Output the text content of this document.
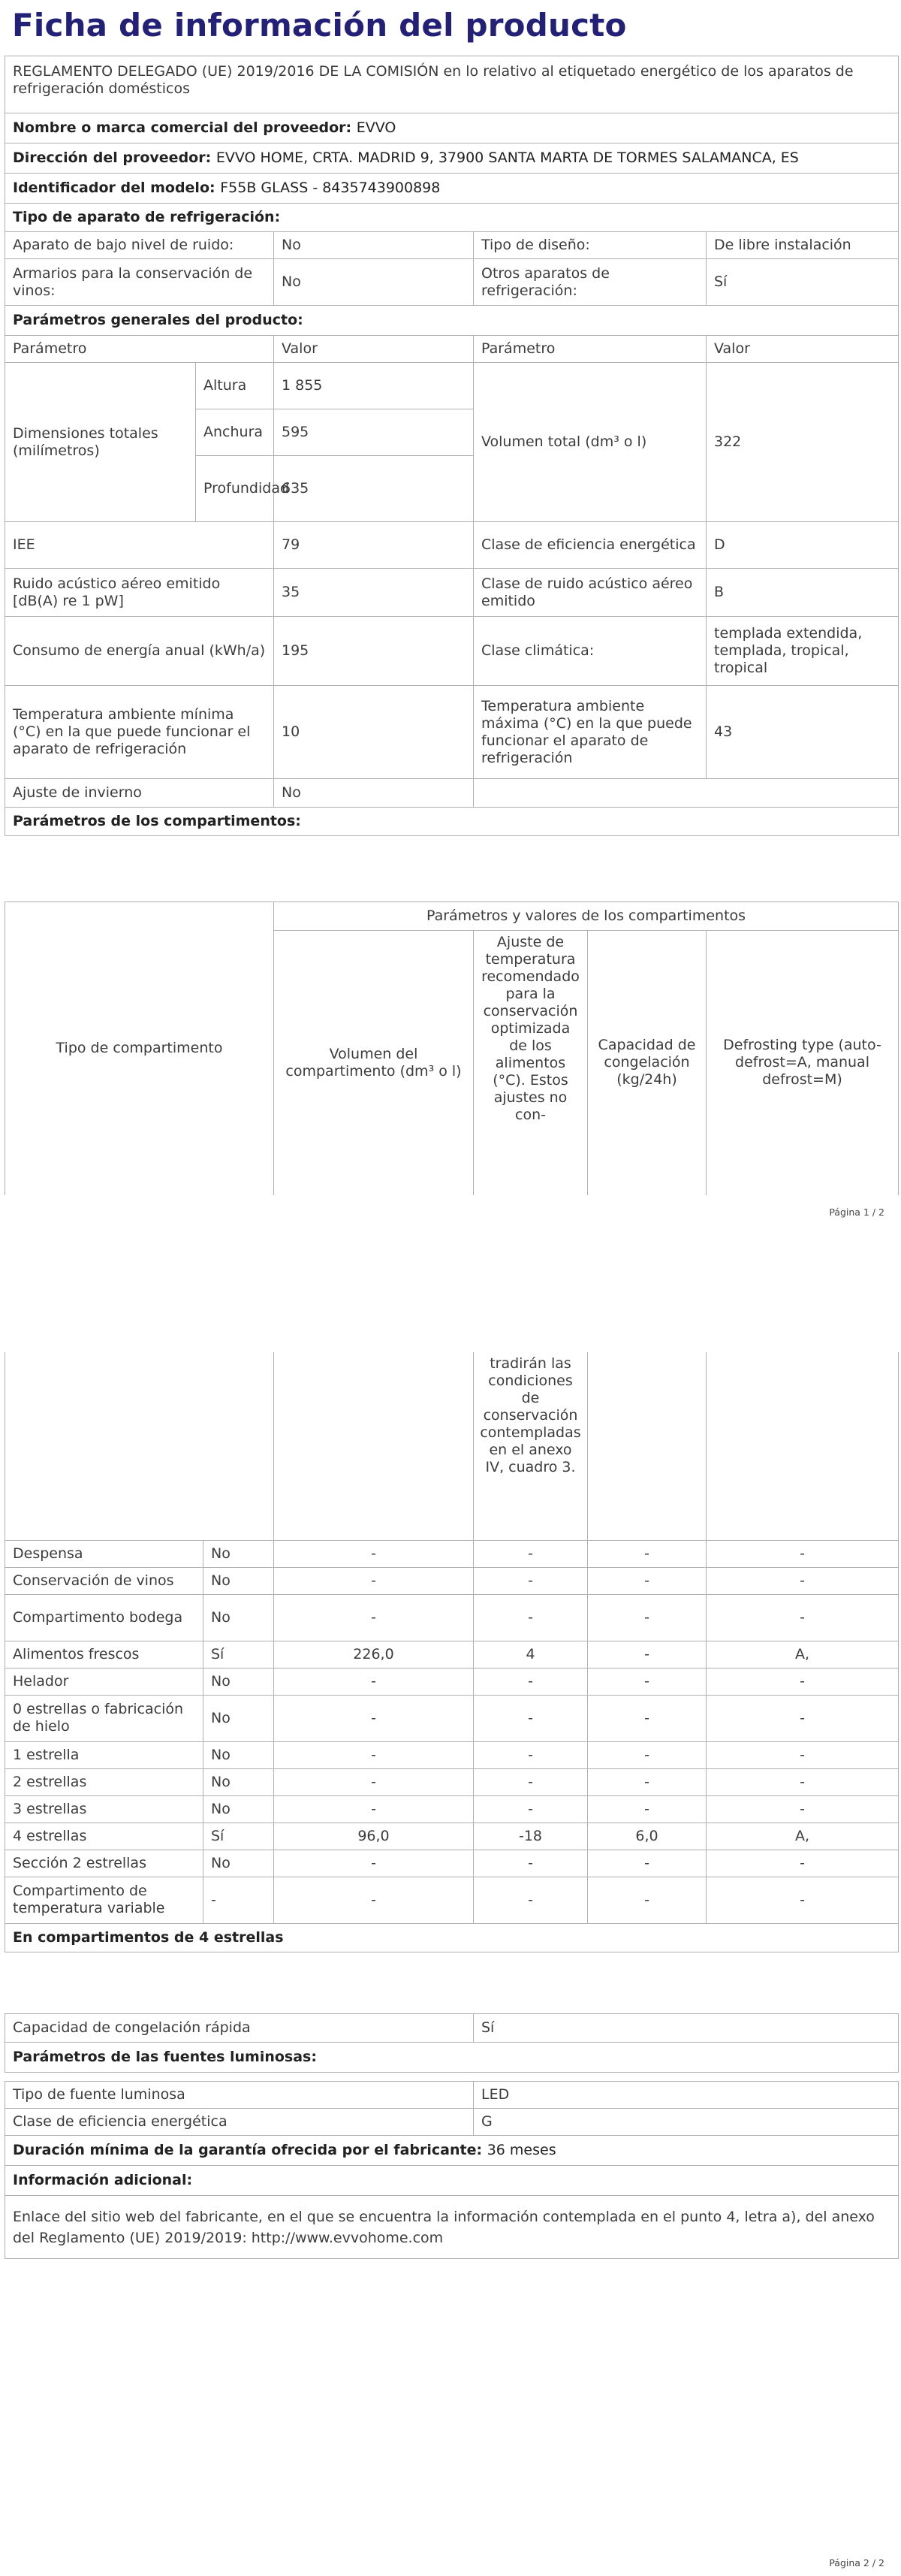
Ficha de información del producto
REGLAMENTO DELEGADO (UE) 2019/2016 DE LA COMISIÓN en lo relativo al etiquetado energético de los aparatos de refrigeración domésticos
Nombre o marca comercial del proveedor: EVVO
Dirección del proveedor: EVVO HOME, CRTA. MADRID 9, 37900 SANTA MARTA DE TORMES SALAMANCA, ES
Identificador del modelo: F55B GLASS - 8435743900898
Tipo de aparato de refrigeración:
Aparato de bajo nivel de ruido:	No	Tipo de diseño:	De libre instalación
Armarios para la conservación de vinos:	No	Otros aparatos de refrigeración:	Sí
Parámetros generales del producto:			
Parámetro		Valor	Parámetro	Valor
Dimensiones totales (milímetros)	Altura	1 855	Volumen total (dm³ o l)	322
	Anchura	595		
	Profundidad	635		
IEE		79	Clase de eficiencia energética	D
Ruido acústico aéreo emitido [dB(A) re 1 pW]		35	Clase de ruido acústico aéreo emitido	B
Consumo de energía anual (kWh/a)		195	Clase climática:	templada extendida, templada, tropical, tropical
Temperatura ambiente mínima (°C) en la que puede funcionar el aparato de refrigeración		10	Temperatura ambiente máxima (°C) en la que puede funcionar el aparato de refrigeración	43
Ajuste de invierno		No		
Parámetros de los compartimentos:				
Tipo de compartimento	Parámetros y valores de los compartimentos			
	Volumen del compartimento (dm³ o l)	Ajuste de temperatura recomendado para la conservación optimizada de los alimentos (°C). Estos ajustes no con-	Capacidad de congelación (kg/24h)	Defrosting type (auto-defrost=A, manual defrost=M)
Página 1 / 2
			tradirán las condiciones de conservación contempladas en el anexo IV, cuadro 3.		
Despensa	No	-	-	-	-
Conservación de vinos	No	-	-	-	-
Compartimento bodega	No	-	-	-	-
Alimentos frescos	Sí	226,0	4	-	A,
Helador	No	-	-	-	-
0 estrellas o fabricación de hielo	No	-	-	-	-
1 estrella	No	-	-	-	-
2 estrellas	No	-	-	-	-
3 estrellas	No	-	-	-	-
4 estrellas	Sí	96,0	-18	6,0	A,
Sección 2 estrellas	No	-	-	-	-
Compartimento de temperatura variable	-	-	-	-	-
En compartimentos de 4 estrellas					
Capacidad de congelación rápida	Sí
Parámetros de las fuentes luminosas:
Tipo de fuente luminosa	LED
Clase de eficiencia energética	G
Duración mínima de la garantía ofrecida por el fabricante: 36 meses	
Información adicional:	
Enlace del sitio web del fabricante, en el que se encuentra la información contemplada en el punto 4, letra a), del anexo del Reglamento (UE) 2019/2019: http://www.evvohome.com	
Página 2 / 2
